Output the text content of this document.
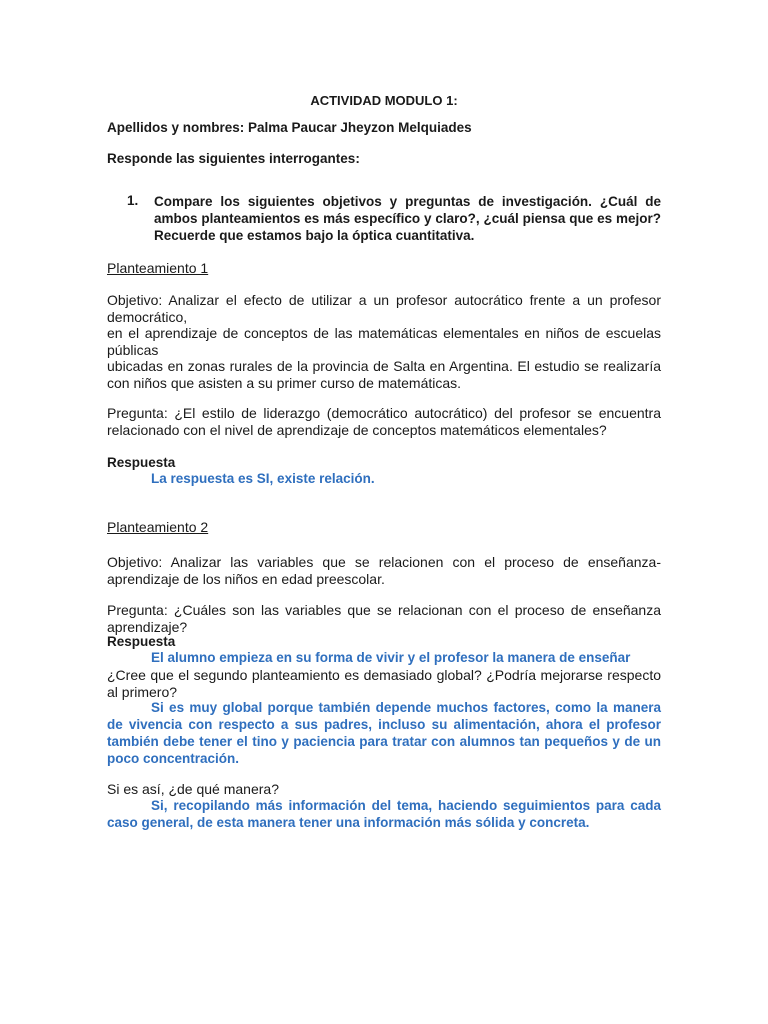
ACTIVIDAD MODULO 1:

Apellidos y nombres: Palma Paucar Jheyzon Melquiades

Responde las siguientes interrogantes:

1. Compare los siguientes objetivos y preguntas de investigación. ¿Cuál de ambos planteamientos es más específico y claro?, ¿cuál piensa que es mejor? Recuerde que estamos bajo la óptica cuantitativa.

Planteamiento 1

Objetivo: Analizar el efecto de utilizar a un profesor autocrático frente a un profesor democrático,
en el aprendizaje de conceptos de las matemáticas elementales en niños de escuelas públicas
ubicadas en zonas rurales de la provincia de Salta en Argentina. El estudio se realizaría con niños que asisten a su primer curso de matemáticas.

Pregunta: ¿El estilo de liderazgo (democrático autocrático) del profesor se encuentra relacionado con el nivel de aprendizaje de conceptos matemáticos elementales?

Respuesta

La respuesta es SI, existe relación.

Planteamiento 2

Objetivo: Analizar las variables que se relacionen con el proceso de enseñanza-aprendizaje de los niños en edad preescolar.

Pregunta: ¿Cuáles son las variables que se relacionan con el proceso de enseñanza aprendizaje?

Respuesta

El alumno empieza en su forma de vivir y el profesor la manera de enseñar

¿Cree que el segundo planteamiento es demasiado global? ¿Podría mejorarse respecto al primero?

Si es muy global porque también depende muchos factores, como la manera de vivencia con respecto a sus padres, incluso su alimentación, ahora el profesor también debe tener el tino y paciencia para tratar con alumnos tan pequeños y de un poco concentración.

Si es así, ¿de qué manera?

Si, recopilando más información del tema, haciendo seguimientos para cada caso general, de esta manera tener una información más sólida y concreta.
